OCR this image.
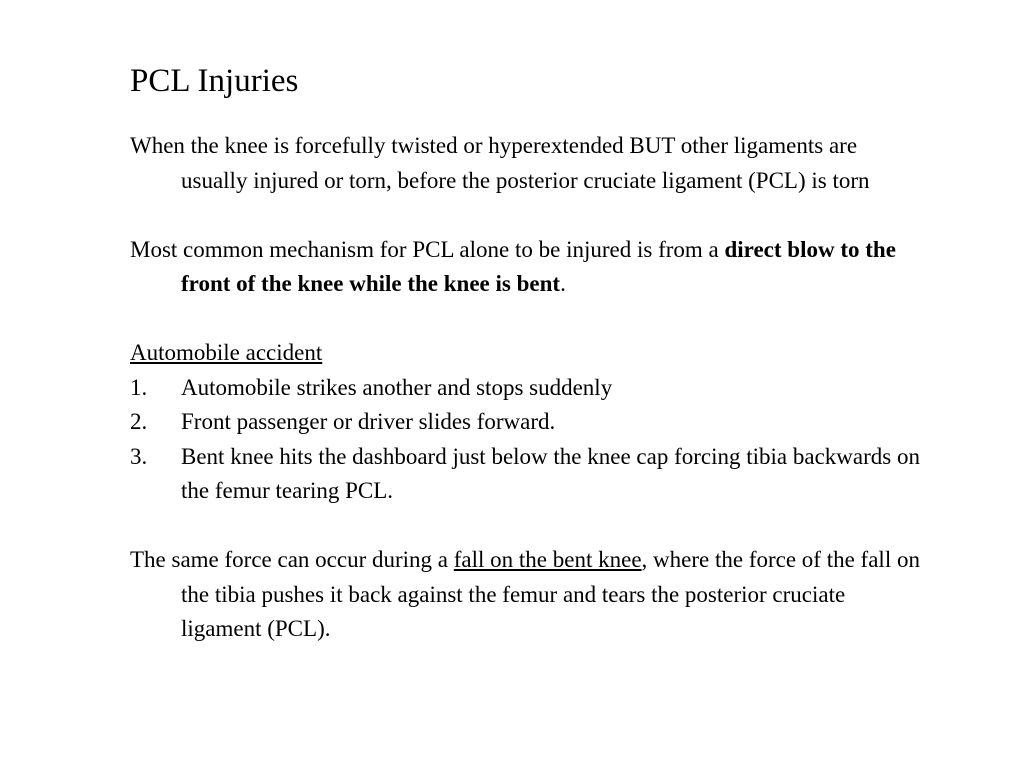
PCL Injuries

When the knee is forcefully twisted or hyperextended BUT other ligaments are usually injured or torn, before the posterior cruciate ligament (PCL) is torn

Most common mechanism for PCL alone to be injured is from a direct blow to the front of the knee while the knee is bent.

Automobile accident

1. Automobile strikes another and stops suddenly

2. Front passenger or driver slides forward.

3. Bent knee hits the dashboard just below the knee cap forcing tibia backwards on the femur tearing PCL.

The same force can occur during a fall on the bent knee, where the force of the fall on the tibia pushes it back against the femur and tears the posterior cruciate ligament (PCL).
